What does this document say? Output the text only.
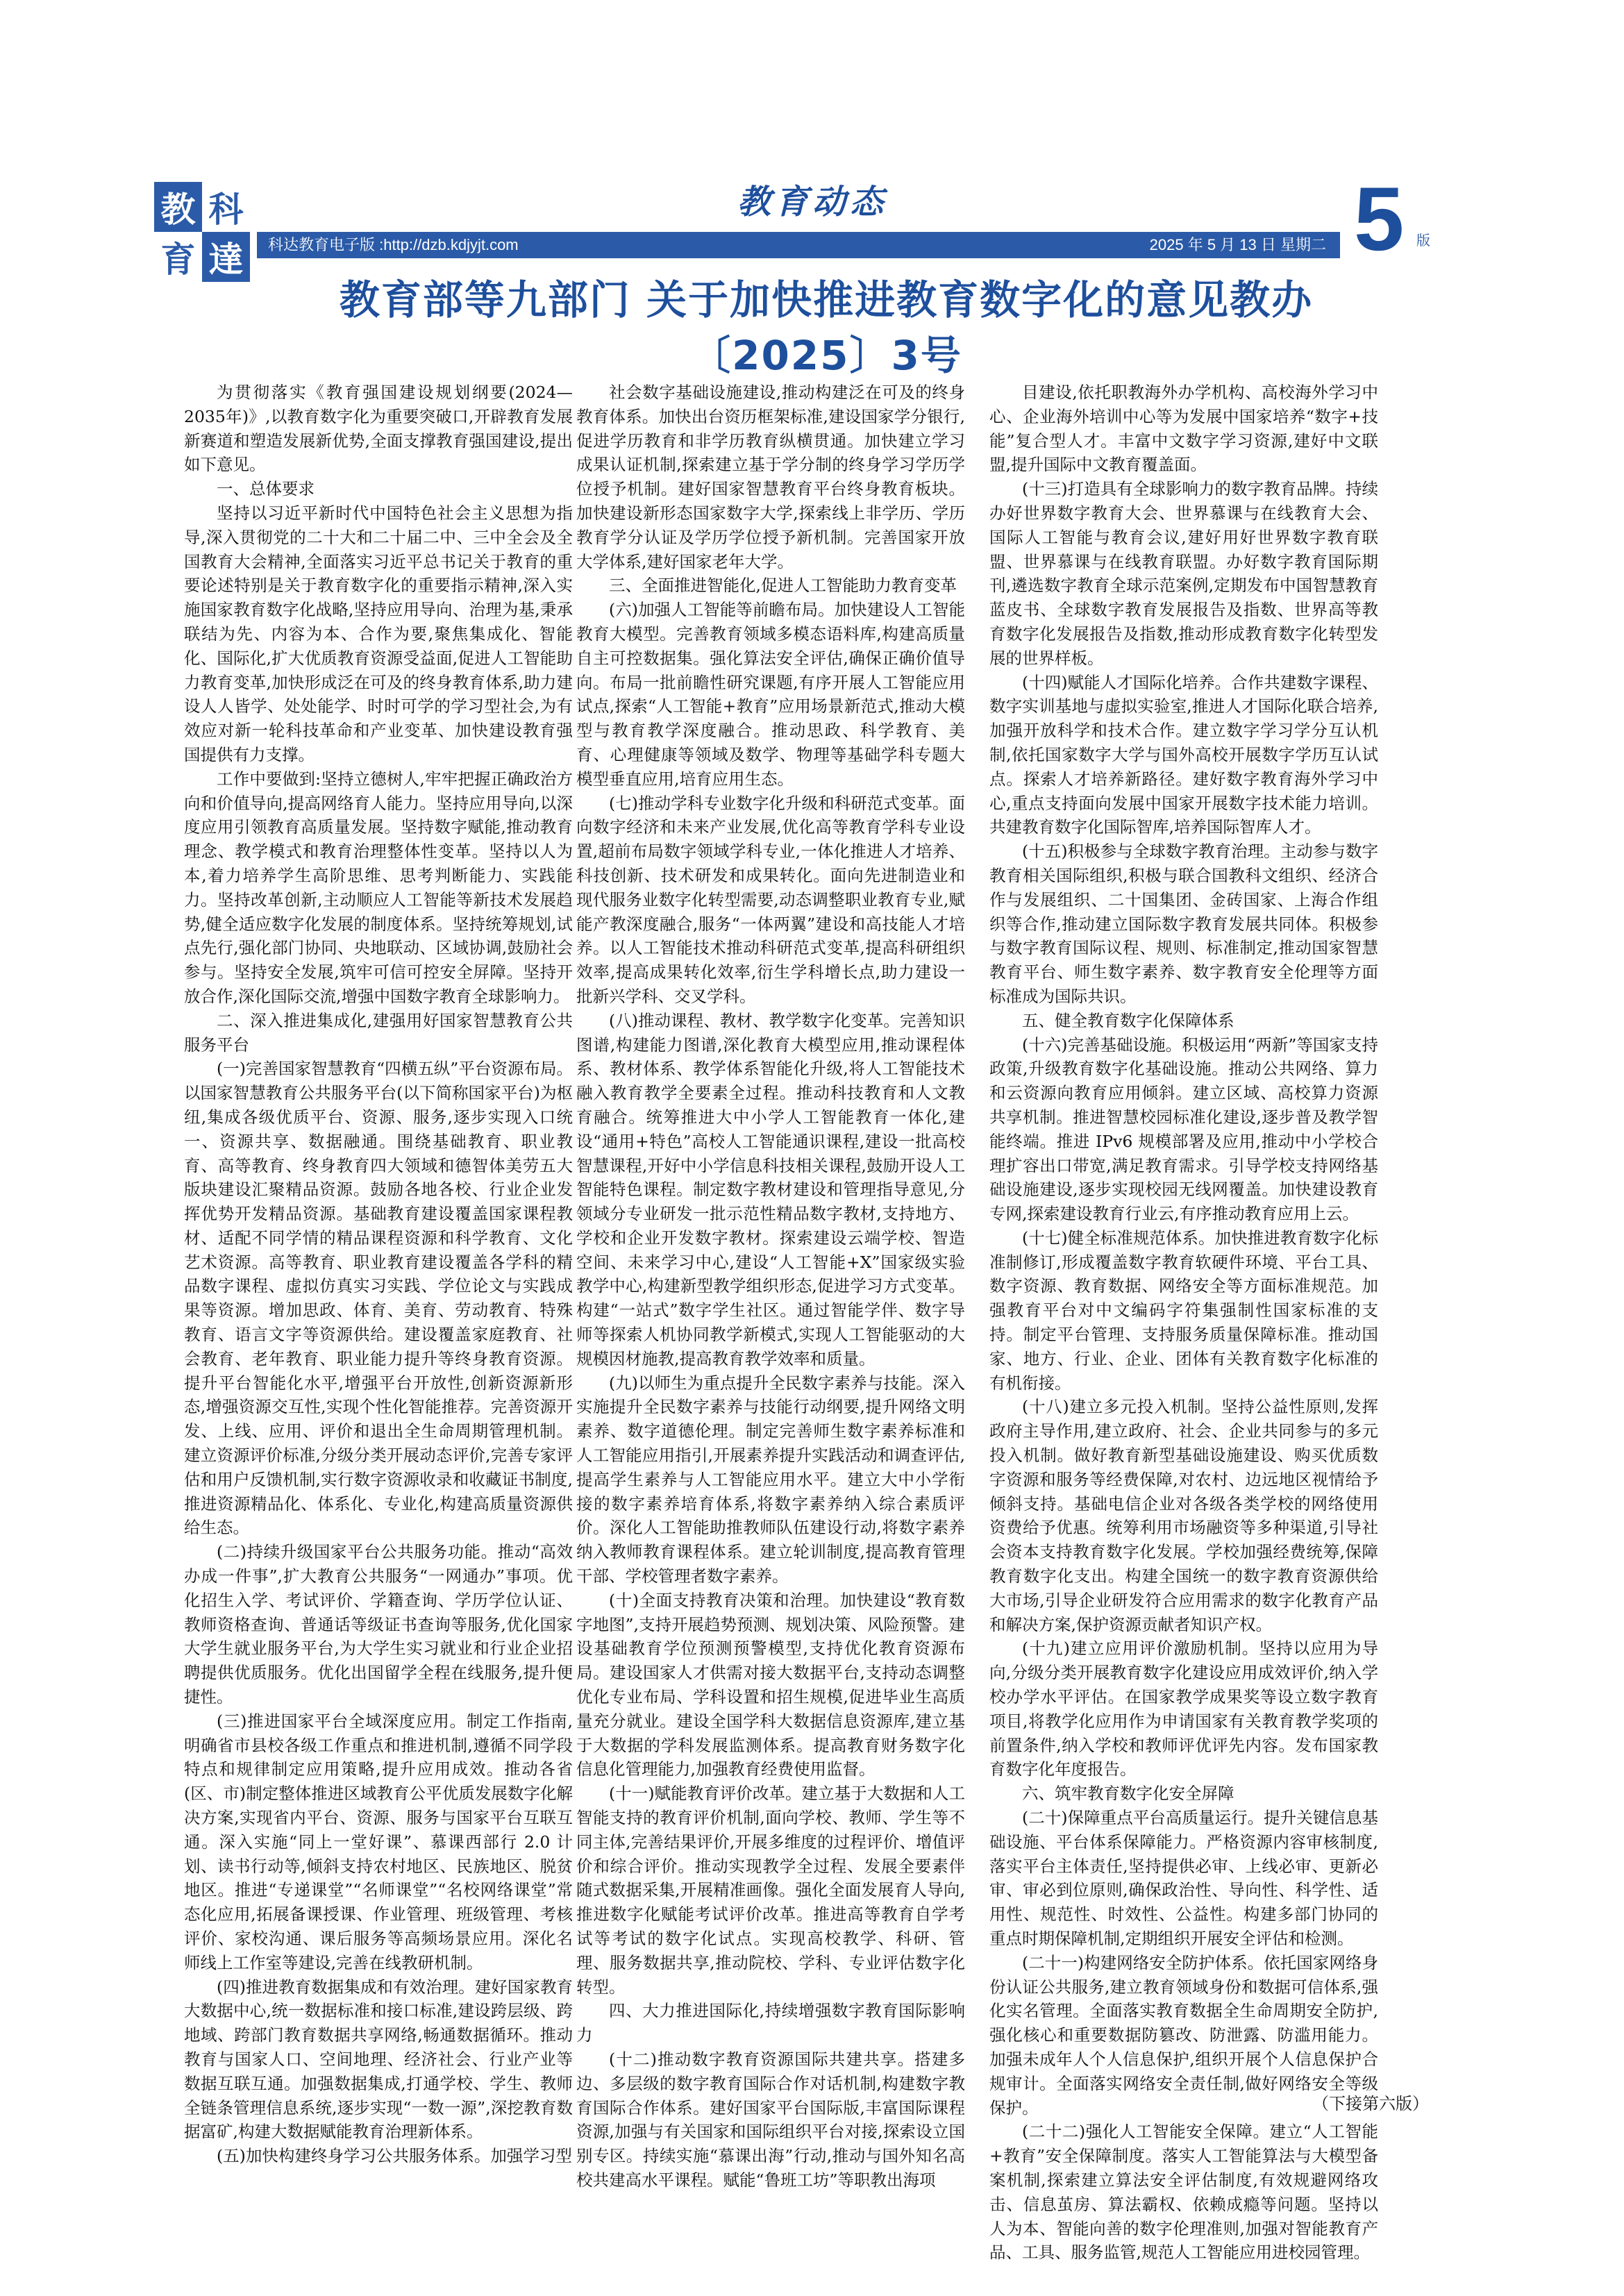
教 科
育 達
教育动态
科达教育电子版 :http://dzb.kdjyjt.com	2025 年 5 月 13 日 星期二 5 版
教育部等九部门 关于加快推进教育数字化的意见教办
〔2025〕3号

为贯彻落实《教育强国建设规划纲要(2024—2035年)》,以教育数字化为重要突破口,开辟教育发展新赛道和塑造发展新优势,全面支撑教育强国建设,提出如下意见。

一、总体要求

坚持以习近平新时代中国特色社会主义思想为指导,深入贯彻党的二十大和二十届二中、三中全会及全国教育大会精神,全面落实习近平总书记关于教育的重要论述特别是关于教育数字化的重要指示精神,深入实施国家教育数字化战略,坚持应用导向、治理为基,秉承联结为先、内容为本、合作为要,聚焦集成化、智能化、国际化,扩大优质教育资源受益面,促进人工智能助力教育变革,加快形成泛在可及的终身教育体系,助力建设人人皆学、处处能学、时时可学的学习型社会,为有效应对新一轮科技革命和产业变革、加快建设教育强国提供有力支撑。

工作中要做到:坚持立德树人,牢牢把握正确政治方向和价值导向,提高网络育人能力。坚持应用导向,以深度应用引领教育高质量发展。坚持数字赋能,推动教育理念、教学模式和教育治理整体性变革。坚持以人为本,着力培养学生高阶思维、思考判断能力、实践能力。坚持改革创新,主动顺应人工智能等新技术发展趋势,健全适应数字化发展的制度体系。坚持统筹规划,试点先行,强化部门协同、央地联动、区域协调,鼓励社会参与。坚持安全发展,筑牢可信可控安全屏障。坚持开放合作,深化国际交流,增强中国数字教育全球影响力。

二、深入推进集成化,建强用好国家智慧教育公共服务平台

(一)完善国家智慧教育“四横五纵”平台资源布局。以国家智慧教育公共服务平台(以下简称国家平台)为枢纽,集成各级优质平台、资源、服务,逐步实现入口统一、资源共享、数据融通。围绕基础教育、职业教育、高等教育、终身教育四大领域和德智体美劳五大版块建设汇聚精品资源。鼓励各地各校、行业企业发挥优势开发精品资源。基础教育建设覆盖国家课程教材、适配不同学情的精品课程资源和科学教育、文化艺术资源。高等教育、职业教育建设覆盖各学科的精品数字课程、虚拟仿真实习实践、学位论文与实践成果等资源。增加思政、体育、美育、劳动教育、特殊教育、语言文字等资源供给。建设覆盖家庭教育、社会教育、老年教育、职业能力提升等终身教育资源。提升平台智能化水平,增强平台开放性,创新资源新形态,增强资源交互性,实现个性化智能推荐。完善资源开发、上线、应用、评价和退出全生命周期管理机制。建立资源评价标准,分级分类开展动态评价,完善专家评估和用户反馈机制,实行数字资源收录和收藏证书制度,推进资源精品化、体系化、专业化,构建高质量资源供给生态。

(二)持续升级国家平台公共服务功能。推动“高效办成一件事”,扩大教育公共服务“一网通办”事项。优化招生入学、考试评价、学籍查询、学历学位认证、教师资格查询、普通话等级证书查询等服务,优化国家大学生就业服务平台,为大学生实习就业和行业企业招聘提供优质服务。优化出国留学全程在线服务,提升便捷性。

(三)推进国家平台全域深度应用。制定工作指南,明确省市县校各级工作重点和推进机制,遵循不同学段特点和规律制定应用策略,提升应用成效。推动各省(区、市)制定整体推进区域教育公平优质发展数字化解决方案,实现省内平台、资源、服务与国家平台互联互通。深入实施“同上一堂好课”、慕课西部行 2.0 计划、读书行动等,倾斜支持农村地区、民族地区、脱贫地区。推进“专递课堂”“名师课堂”“名校网络课堂”常态化应用,拓展备课授课、作业管理、班级管理、考核评价、家校沟通、课后服务等高频场景应用。深化名师线上工作室等建设,完善在线教研机制。

(四)推进教育数据集成和有效治理。建好国家教育大数据中心,统一数据标准和接口标准,建设跨层级、跨地域、跨部门教育数据共享网络,畅通数据循环。推动教育与国家人口、空间地理、经济社会、行业产业等数据互联互通。加强数据集成,打通学校、学生、教师全链条管理信息系统,逐步实现“一数一源”,深挖教育数据富矿,构建大数据赋能教育治理新体系。

(五)加快构建终身学习公共服务体系。加强学习型

社会数字基础设施建设,推动构建泛在可及的终身教育体系。加快出台资历框架标准,建设国家学分银行,促进学历教育和非学历教育纵横贯通。加快建立学习成果认证机制,探索建立基于学分制的终身学习学历学位授予机制。建好国家智慧教育平台终身教育板块。加快建设新形态国家数字大学,探索线上非学历、学历教育学分认证及学历学位授予新机制。完善国家开放大学体系,建好国家老年大学。

三、全面推进智能化,促进人工智能助力教育变革

(六)加强人工智能等前瞻布局。加快建设人工智能教育大模型。完善教育领域多模态语料库,构建高质量自主可控数据集。强化算法安全评估,确保正确价值导向。布局一批前瞻性研究课题,有序开展人工智能应用试点,探索“人工智能+教育”应用场景新范式,推动大模型与教育教学深度融合。推动思政、科学教育、美育、心理健康等领域及数学、物理等基础学科专题大模型垂直应用,培育应用生态。

(七)推动学科专业数字化升级和科研范式变革。面向数字经济和未来产业发展,优化高等教育学科专业设置,超前布局数字领域学科专业,一体化推进人才培养、科技创新、技术研发和成果转化。面向先进制造业和现代服务业数字化转型需要,动态调整职业教育专业,赋能产教深度融合,服务“一体两翼”建设和高技能人才培养。以人工智能技术推动科研范式变革,提高科研组织效率,提高成果转化效率,衍生学科增长点,助力建设一批新兴学科、交叉学科。

(八)推动课程、教材、教学数字化变革。完善知识图谱,构建能力图谱,深化教育大模型应用,推动课程体系、教材体系、教学体系智能化升级,将人工智能技术融入教育教学全要素全过程。推动科技教育和人文教育融合。统筹推进大中小学人工智能教育一体化,建设“通用+特色”高校人工智能通识课程,建设一批高校智慧课程,开好中小学信息科技相关课程,鼓励开设人工智能特色课程。制定数字教材建设和管理指导意见,分领域分专业研发一批示范性精品数字教材,支持地方、学校和企业开发数字教材。探索建设云端学校、智造空间、未来学习中心,建设“人工智能+X”国家级实验教学中心,构建新型教学组织形态,促进学习方式变革。构建“一站式”数字学生社区。通过智能学伴、数字导师等探索人机协同教学新模式,实现人工智能驱动的大规模因材施教,提高教育教学效率和质量。

(九)以师生为重点提升全民数字素养与技能。深入实施提升全民数字素养与技能行动纲要,提升网络文明素养、数字道德伦理。制定完善师生数字素养标准和人工智能应用指引,开展素养提升实践活动和调查评估,提高学生素养与人工智能应用水平。建立大中小学衔接的数字素养培育体系,将数字素养纳入综合素质评价。深化人工智能助推教师队伍建设行动,将数字素养纳入教师教育课程体系。建立轮训制度,提高教育管理干部、学校管理者数字素养。

(十)全面支持教育决策和治理。加快建设“教育数字地图”,支持开展趋势预测、规划决策、风险预警。建设基础教育学位预测预警模型,支持优化教育资源布局。建设国家人才供需对接大数据平台,支持动态调整优化专业布局、学科设置和招生规模,促进毕业生高质量充分就业。建设全国学科大数据信息资源库,建立基于大数据的学科发展监测体系。提高教育财务数字化信息化管理能力,加强教育经费使用监督。

(十一)赋能教育评价改革。建立基于大数据和人工智能支持的教育评价机制,面向学校、教师、学生等不同主体,完善结果评价,开展多维度的过程评价、增值评价和综合评价。推动实现教学全过程、发展全要素伴随式数据采集,开展精准画像。强化全面发展育人导向,推进数字化赋能考试评价改革。推进高等教育自学考试等考试的数字化试点。实现高校教学、科研、管理、服务数据共享,推动院校、学科、专业评估数字化转型。

四、大力推进国际化,持续增强数字教育国际影响力

(十二)推动数字教育资源国际共建共享。搭建多边、多层级的数字教育国际合作对话机制,构建数字教育国际合作体系。建好国家平台国际版,丰富国际课程资源,加强与有关国家和国际组织平台对接,探索设立国别专区。持续实施“慕课出海”行动,推动与国外知名高校共建高水平课程。赋能“鲁班工坊”等职教出海项

目建设,依托职教海外办学机构、高校海外学习中心、企业海外培训中心等为发展中国家培养“数字+技能”复合型人才。丰富中文数字学习资源,建好中文联盟,提升国际中文教育覆盖面。

(十三)打造具有全球影响力的数字教育品牌。持续办好世界数字教育大会、世界慕课与在线教育大会、国际人工智能与教育会议,建好用好世界数字教育联盟、世界慕课与在线教育联盟。办好数字教育国际期刊,遴选数字教育全球示范案例,定期发布中国智慧教育蓝皮书、全球数字教育发展报告及指数、世界高等教育数字化发展报告及指数,推动形成教育数字化转型发展的世界样板。

(十四)赋能人才国际化培养。合作共建数字课程、数字实训基地与虚拟实验室,推进人才国际化联合培养,加强开放科学和技术合作。建立数字学习学分互认机制,依托国家数字大学与国外高校开展数字学历互认试点。探索人才培养新路径。建好数字教育海外学习中心,重点支持面向发展中国家开展数字技术能力培训。共建教育数字化国际智库,培养国际智库人才。

(十五)积极参与全球数字教育治理。主动参与数字教育相关国际组织,积极与联合国教科文组织、经济合作与发展组织、二十国集团、金砖国家、上海合作组织等合作,推动建立国际数字教育发展共同体。积极参与数字教育国际议程、规则、标准制定,推动国家智慧教育平台、师生数字素养、数字教育安全伦理等方面标准成为国际共识。

五、健全教育数字化保障体系

(十六)完善基础设施。积极运用“两新”等国家支持政策,升级教育数字化基础设施。推动公共网络、算力和云资源向教育应用倾斜。建立区域、高校算力资源共享机制。推进智慧校园标准化建设,逐步普及教学智能终端。推进 IPv6 规模部署及应用,推动中小学校合理扩容出口带宽,满足教育需求。引导学校支持网络基础设施建设,逐步实现校园无线网覆盖。加快建设教育专网,探索建设教育行业云,有序推动教育应用上云。

(十七)健全标准规范体系。加快推进教育数字化标准制修订,形成覆盖数字教育软硬件环境、平台工具、数字资源、教育数据、网络安全等方面标准规范。加强教育平台对中文编码字符集强制性国家标准的支持。制定平台管理、支持服务质量保障标准。推动国家、地方、行业、企业、团体有关教育数字化标准的有机衔接。

(十八)建立多元投入机制。坚持公益性原则,发挥政府主导作用,建立政府、社会、企业共同参与的多元投入机制。做好教育新型基础设施建设、购买优质数字资源和服务等经费保障,对农村、边远地区视情给予倾斜支持。基础电信企业对各级各类学校的网络使用资费给予优惠。统筹利用市场融资等多种渠道,引导社会资本支持教育数字化发展。学校加强经费统筹,保障教育数字化支出。构建全国统一的数字教育资源供给大市场,引导企业研发符合应用需求的数字化教育产品和解决方案,保护资源贡献者知识产权。

(十九)建立应用评价激励机制。坚持以应用为导向,分级分类开展教育数字化建设应用成效评价,纳入学校办学水平评估。在国家教学成果奖等设立数字教育项目,将教学化应用作为申请国家有关教育教学奖项的前置条件,纳入学校和教师评优评先内容。发布国家教育数字化年度报告。

六、筑牢教育数字化安全屏障

(二十)保障重点平台高质量运行。提升关键信息基础设施、平台体系保障能力。严格资源内容审核制度,落实平台主体责任,坚持提供必审、上线必审、更新必审、审必到位原则,确保政治性、导向性、科学性、适用性、规范性、时效性、公益性。构建多部门协同的重点时期保障机制,定期组织开展安全评估和检测。

(二十一)构建网络安全防护体系。依托国家网络身份认证公共服务,建立教育领域身份和数据可信体系,强化实名管理。全面落实教育数据全生命周期安全防护,强化核心和重要数据防篡改、防泄露、防滥用能力。加强未成年人个人信息保护,组织开展个人信息保护合规审计。全面落实网络安全责任制,做好网络安全等级保护。

(二十二)强化人工智能安全保障。建立“人工智能+教育”安全保障制度。落实人工智能算法与大模型备案机制,探索建立算法安全评估制度,有效规避网络攻击、信息茧房、算法霸权、依赖成瘾等问题。坚持以人为本、智能向善的数字伦理准则,加强对智能教育产品、工具、服务监管,规范人工智能应用进校园管理。

（下接第六版）
